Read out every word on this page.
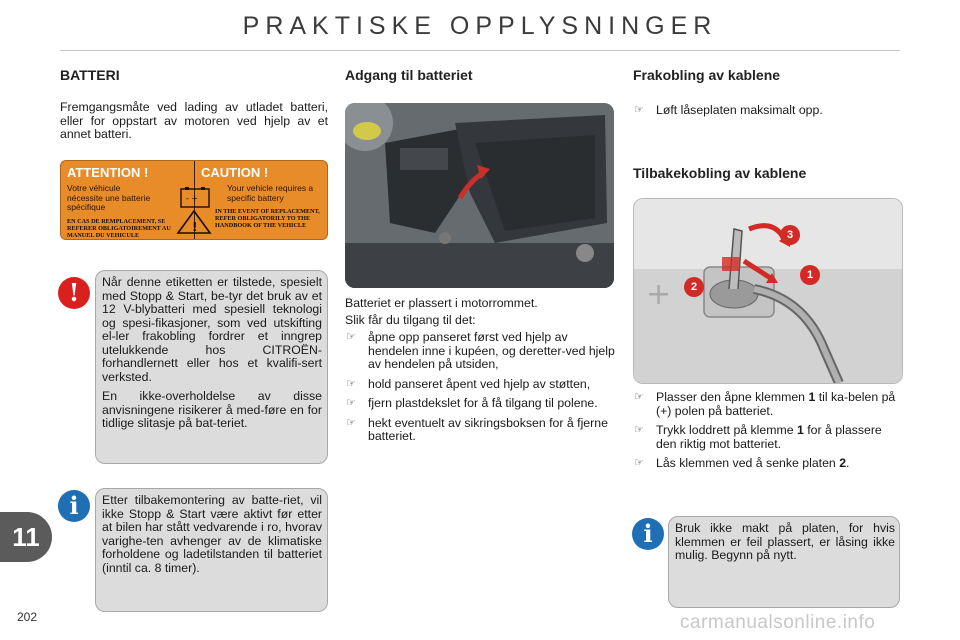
PRAKTISKE OPPLYSNINGER
BATTERI

Fremgangsmåte ved lading av utladet batteri, eller for oppstart av motoren ved hjelp av et annet batteri.

ATTENTION !
Votre véhicule nécessite une batterie spécifique
EN CAS DE REMPLACEMENT, SE REFERER OBLIGATOIREMENT AU MANUEL DU VEHICULE
CAUTION !
Your vehicle requires a specific battery
IN THE EVENT OF REPLACEMENT, REFER OBLIGATORILY TO THE HANDBOOK OF THE VEHICLE
- +
!
!	Når denne etiketten er tilstede, spesielt med Stopp & Start, be-tyr det bruk av et 12 V-blybatteri med spesiell teknologi og spesi-fikasjoner, som ved utskifting el-ler frakobling fordrer et inngrep utelukkende hos CITROËN-forhandlernett eller hos et kvalifi-sert verksted.

En ikke-overholdelse av disse anvisningene risikerer å med-føre en for tidlige slitasje på bat-teriet.

i	Etter tilbakemontering av batte-riet, vil ikke Stopp & Start være aktivt før etter at bilen har stått vedvarende i ro, hvorav varighe-ten avhenger av de klimatiske forholdene og ladetilstanden til batteriet (inntil ca. 8 timer).
Adgang til batteriet

Batteriet er plassert i motorrommet.

Slik får du tilgang til det:

☞ åpne opp panseret først ved hjelp av hendelen inne i kupéen, og deretter-ved hjelp av hendelen på utsiden,
☞ hold panseret åpent ved hjelp av støtten,
☞ fjern plastdekslet for å få tilgang til polene.
☞ hekt eventuelt av sikringsboksen for å fjerne batteriet.
Frakobling av kablene
☞ Løft låseplaten maksimalt opp.
Tilbakekobling av kablene
+
3
1
2
☞ Plasser den åpne klemmen 1 til ka-belen på (+) polen på batteriet.
☞ Trykk loddrett på klemme 1 for å plassere den riktig mot batteriet.
☞ Lås klemmen ved å senke platen 2.
i	Bruk ikke makt på platen, for hvis klemmen er feil plassert, er låsing ikke mulig. Begynn på nytt.
11
202	carmanualsonline.info
